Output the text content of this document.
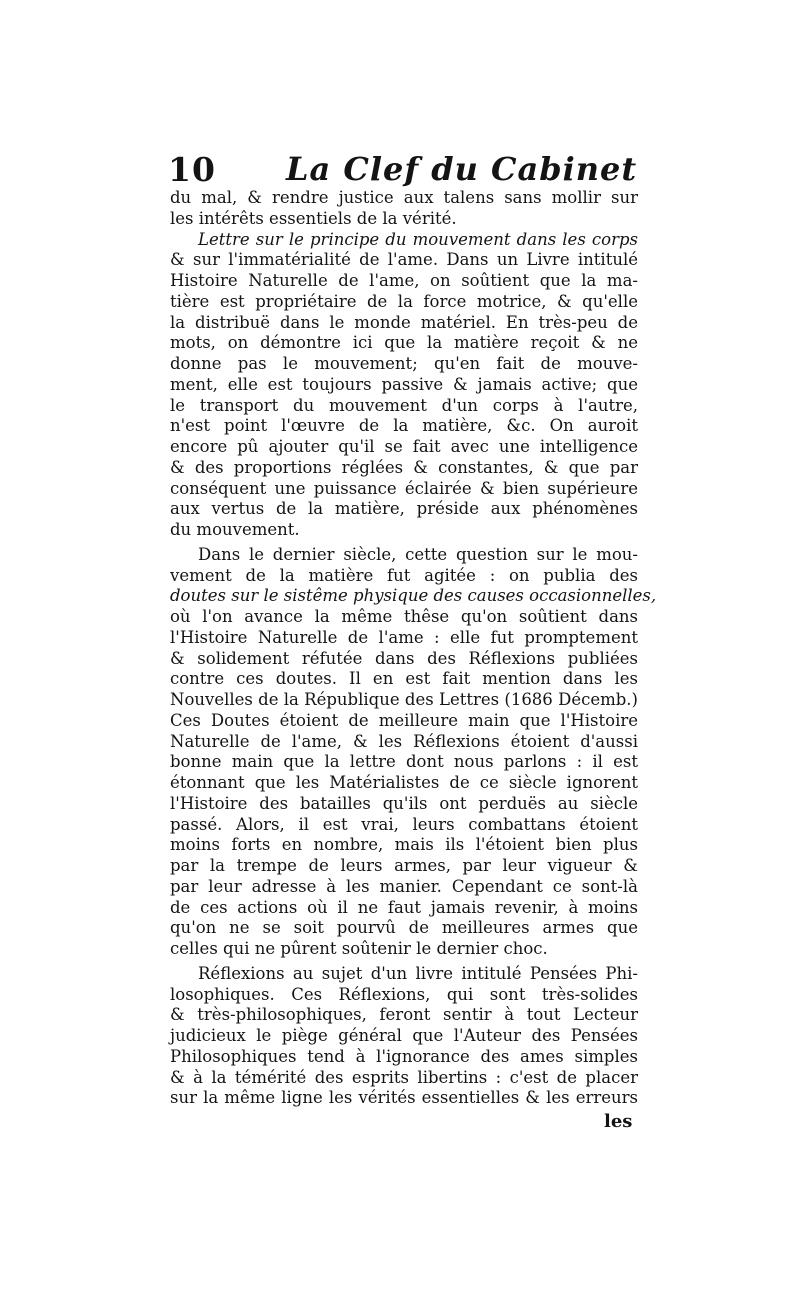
10 La Clef du Cabinet
du mal, & rendre justice aux talens sans mollir sur
les intérêts essentiels de la vérité.
Lettre sur le principe du mouvement dans les corps
& sur l'immatérialité de l'ame. Dans un Livre intitulé
Histoire Naturelle de l'ame, on soûtient que la ma-
tière est propriétaire de la force motrice, & qu'elle
la distribuë dans le monde matériel. En très-peu de
mots, on démontre ici que la matière reçoit & ne
donne pas le mouvement; qu'en fait de mouve-
ment, elle est toujours passive & jamais active; que
le transport du mouvement d'un corps à l'autre,
n'est point l'œuvre de la matière, &c. On auroit
encore pû ajouter qu'il se fait avec une intelligence
& des proportions réglées & constantes, & que par
conséquent une puissance éclairée & bien supérieure
aux vertus de la matière, préside aux phénomènes
du mouvement.
Dans le dernier siècle, cette question sur le mou-
vement de la matière fut agitée : on publia des
doutes sur le sistême physique des causes occasionnelles,
où l'on avance la même thêse qu'on soûtient dans
l'Histoire Naturelle de l'ame : elle fut promptement
& solidement réfutée dans des Réflexions publiées
contre ces doutes. Il en est fait mention dans les
Nouvelles de la République des Lettres (1686 Décemb.)
Ces Doutes étoient de meilleure main que l'Histoire
Naturelle de l'ame, & les Réflexions étoient d'aussi
bonne main que la lettre dont nous parlons : il est
étonnant que les Matérialistes de ce siècle ignorent
l'Histoire des batailles qu'ils ont perduës au siècle
passé. Alors, il est vrai, leurs combattans étoient
moins forts en nombre, mais ils l'étoient bien plus
par la trempe de leurs armes, par leur vigueur &
par leur adresse à les manier. Cependant ce sont-là
de ces actions où il ne faut jamais revenir, à moins
qu'on ne se soit pourvû de meilleures armes que
celles qui ne pûrent soûtenir le dernier choc.
Réflexions au sujet d'un livre intitulé Pensées Phi-
losophiques. Ces Réflexions, qui sont très-solides
& très-philosophiques, feront sentir à tout Lecteur
judicieux le piège général que l'Auteur des Pensées
Philosophiques tend à l'ignorance des ames simples
& à la témérité des esprits libertins : c'est de placer
sur la même ligne les vérités essentielles & les erreurs
les
